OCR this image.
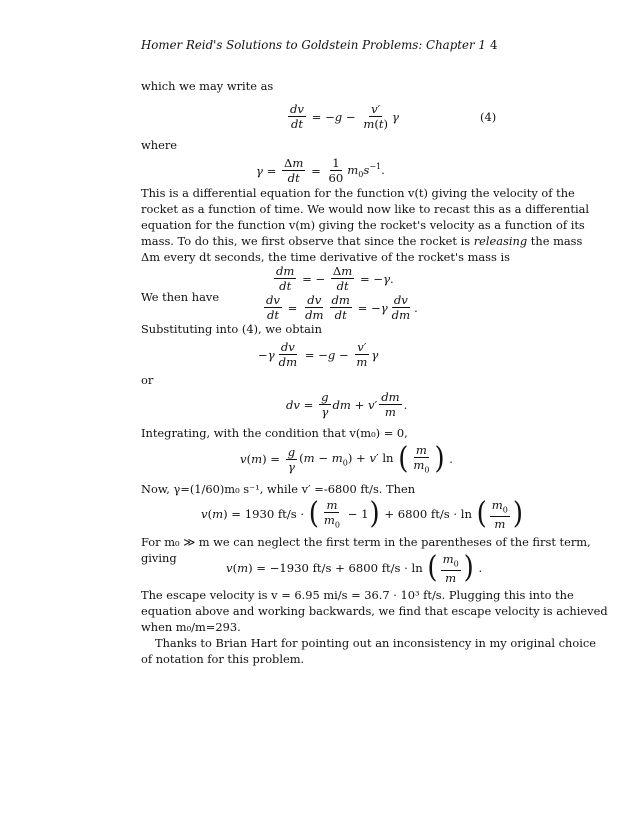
Homer Reid's Solutions to Goldstein Problems: Chapter 1 4
which we may write as
$\frac{dv}{dt} = -g - \frac{v'}{m(t)}$ γ	(4)
where
$\gamma = \frac{\Delta m}{dt} = \frac{1}{60} m_0s^{-1}$.
This is a differential equation for the function v(t) giving the velocity of the
rocket as a function of time. We would now like to recast this as a differential
equation for the function v(m) giving the rocket's velocity as a function of its
mass. To do this, we first observe that since the rocket is releasing the mass
Δm every dt seconds, the time derivative of the rocket's mass is
$\frac{dm}{dt}$ = − $\frac{\Delta m}{dt} = -\gamma$.
We then have	$\frac{dv}{dt} = \frac{dv}{dm} \frac{dm}{dt} = -\gamma \frac{dv}{dm}$ .
Substituting into (4), we obtain
$-\gamma \frac{dv}{dm} = -g - \frac{v'}{m}$ γ
or
dv = $\frac{g}{\gamma}$ dm + $v' \frac{dm}{m}$ .
Integrating, with the condition that v(m₀) = 0,
$v(m) = \frac{g}{\gamma} (m - m_0) + v'$ ln ( $\frac{m}{m_0}$ ) .
Now, γ=(1/60)m₀ s⁻¹, while v′ =-6800 ft/s. Then
v(m) = 1930 ft/s · ( $\frac{m}{m_0} - 1$ ) + 6800 ft/s · ln ( $\frac{m_0}{m}$ )
For m₀ ≫ m we can neglect the first term in the parentheses of the first term,
giving
v(m) = −1930 ft/s + 6800 ft/s · ln ( $\frac{m_0}{m}$ ) .
The escape velocity is v = 6.95 mi/s = 36.7 · 10³ ft/s. Plugging this into the
equation above and working backwards, we find that escape velocity is achieved
when m₀/m=293.
Thanks to Brian Hart for pointing out an inconsistency in my original choice
of notation for this problem.
